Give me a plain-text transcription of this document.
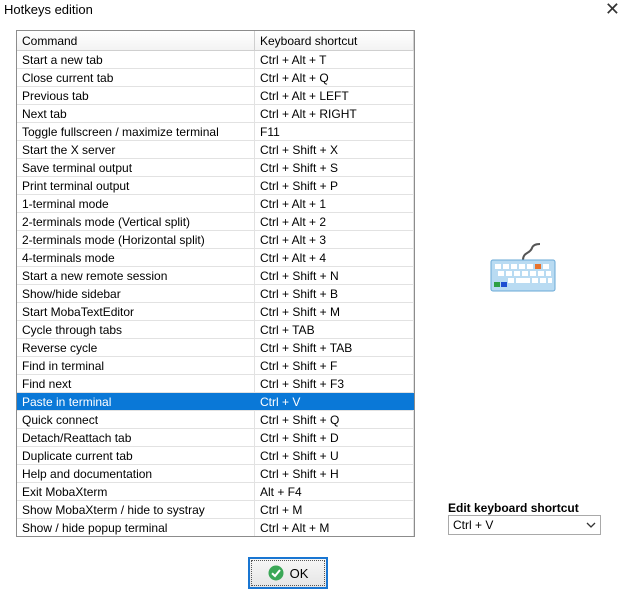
Hotkeys edition	✕
Command	Keyboard shortcut
Start a new tab	Ctrl + Alt + T
Close current tab	Ctrl + Alt + Q
Previous tab	Ctrl + Alt + LEFT
Next tab	Ctrl + Alt + RIGHT
Toggle fullscreen / maximize terminal	F11
Start the X server	Ctrl + Shift + X
Save terminal output	Ctrl + Shift + S
Print terminal output	Ctrl + Shift + P
1-terminal mode	Ctrl + Alt + 1
2-terminals mode (Vertical split)	Ctrl + Alt + 2
2-terminals mode (Horizontal split)	Ctrl + Alt + 3
4-terminals mode	Ctrl + Alt + 4
Start a new remote session	Ctrl + Shift + N
Show/hide sidebar	Ctrl + Shift + B
Start MobaTextEditor	Ctrl + Shift + M
Cycle through tabs	Ctrl + TAB
Reverse cycle	Ctrl + Shift + TAB
Find in terminal	Ctrl + Shift + F
Find next	Ctrl + Shift + F3
Paste in terminal	Ctrl + V
Quick connect	Ctrl + Shift + Q
Detach/Reattach tab	Ctrl + Shift + D
Duplicate current tab	Ctrl + Shift + U
Help and documentation	Ctrl + Shift + H
Exit MobaXterm	Alt + F4
Show MobaXterm / hide to systray	Ctrl + M
Show / hide popup terminal	Ctrl + Alt + M
Edit keyboard shortcut
Ctrl + V
OK
